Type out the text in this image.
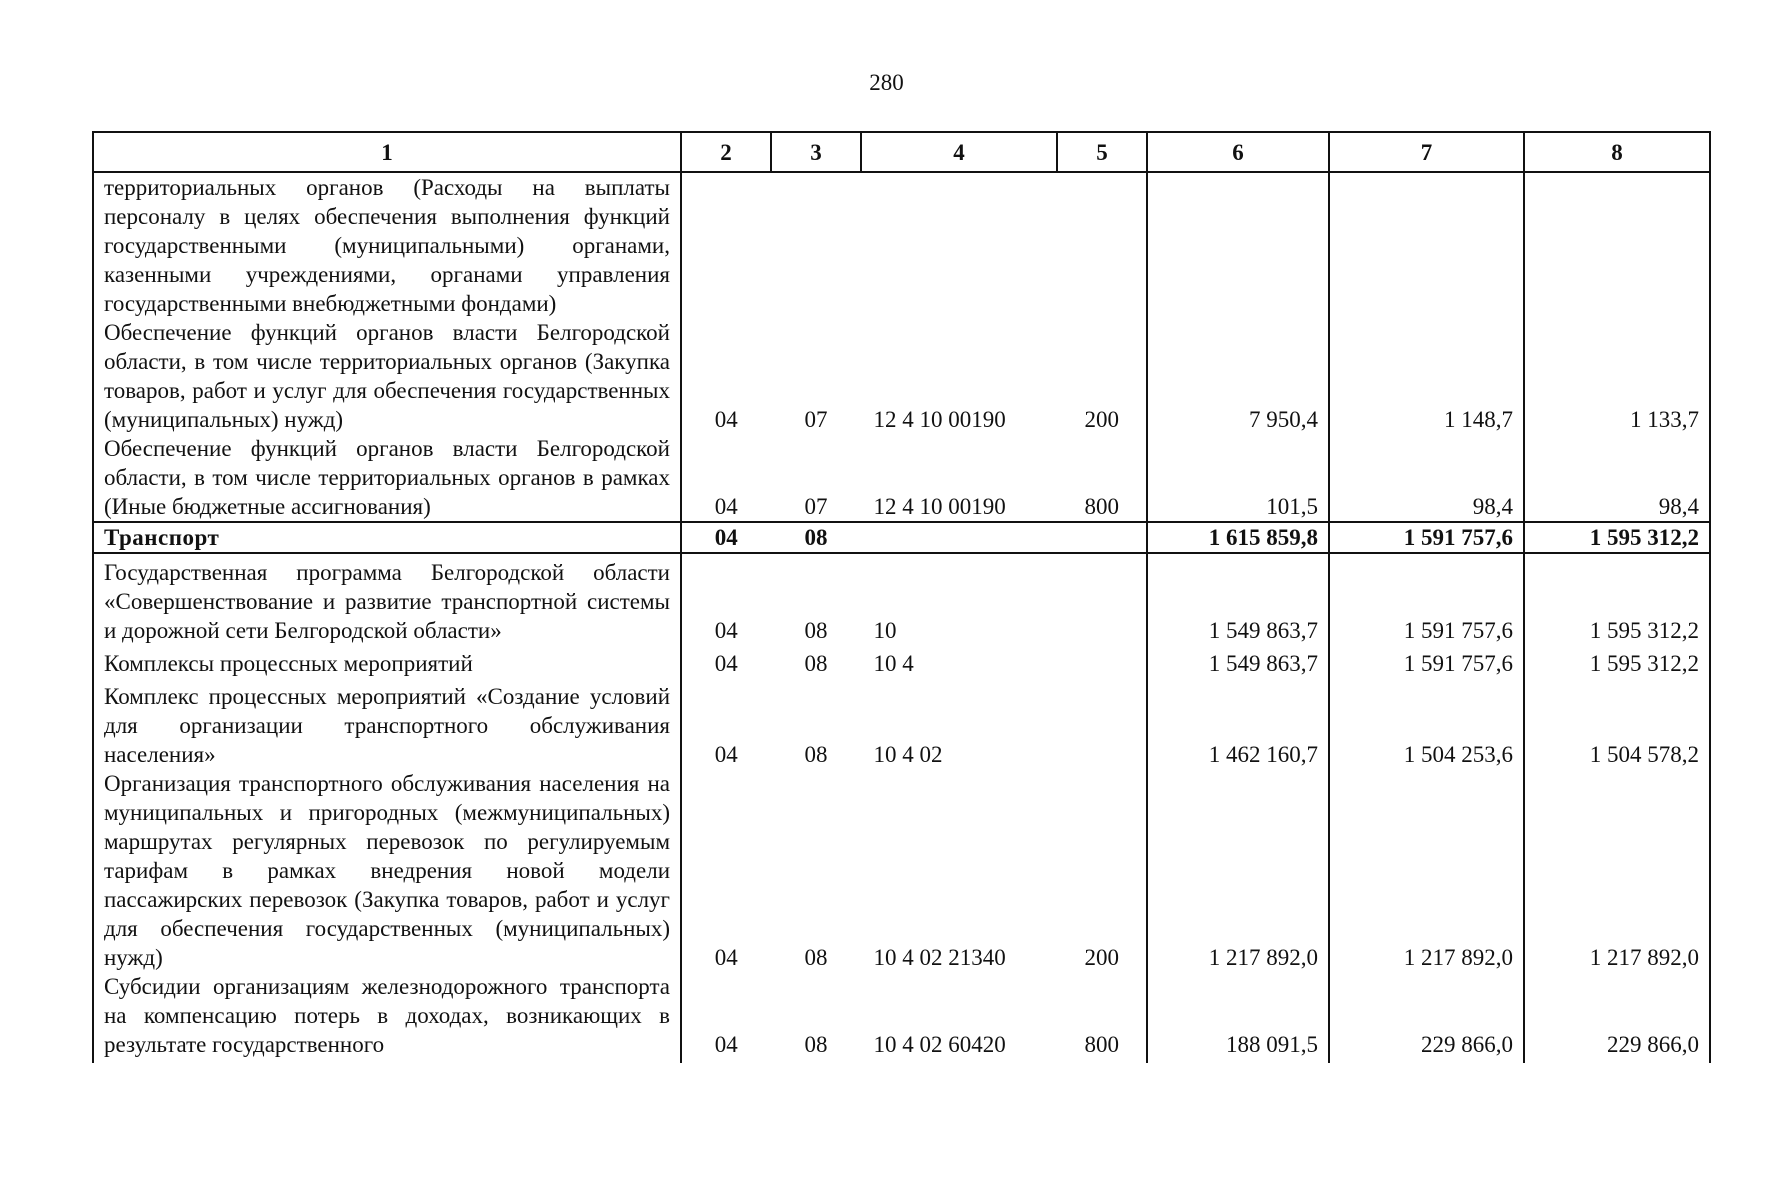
280
1	2	3	4	5	6	7	8
территориальных органов (Расходы на выплаты персоналу в целях обеспечения выполнения функций государственными (муниципальными) органами, казенными учреждениями, органами управления государственными внебюджетными фондами)							
Обеспечение функций органов власти Белгородской области, в том числе территориальных органов (Закупка товаров, работ и услуг для обеспечения государственных (муниципальных) нужд)	04	07	12 4 10 00190	200	7 950,4	1 148,7	1 133,7
Обеспечение функций органов власти Белгородской области, в том числе территориальных органов в рамках (Иные бюджетные ассигнования)	04	07	12 4 10 00190	800	101,5	98,4	98,4
Транспорт	04	08			1 615 859,8	1 591 757,6	1 595 312,2
Государственная программа Белгородской области «Совершенствование и развитие транспортной системы и дорожной сети Белгородской области»	04	08	10		1 549 863,7	1 591 757,6	1 595 312,2
Комплексы процессных мероприятий	04	08	10 4		1 549 863,7	1 591 757,6	1 595 312,2
Комплекс процессных мероприятий «Создание условий для организации транспортного обслуживания населения»	04	08	10 4 02		1 462 160,7	1 504 253,6	1 504 578,2
Организация транспортного обслуживания населения на муниципальных и пригородных (межмуниципальных) маршрутах регулярных перевозок по регулируемым тарифам в рамках внедрения новой модели пассажирских перевозок (Закупка товаров, работ и услуг для обеспечения государственных (муниципальных) нужд)	04	08	10 4 02 21340	200	1 217 892,0	1 217 892,0	1 217 892,0
Субсидии организациям железнодорожного транспорта на компенсацию потерь в доходах, возникающих в результате государственного	04	08	10 4 02 60420	800	188 091,5	229 866,0	229 866,0
